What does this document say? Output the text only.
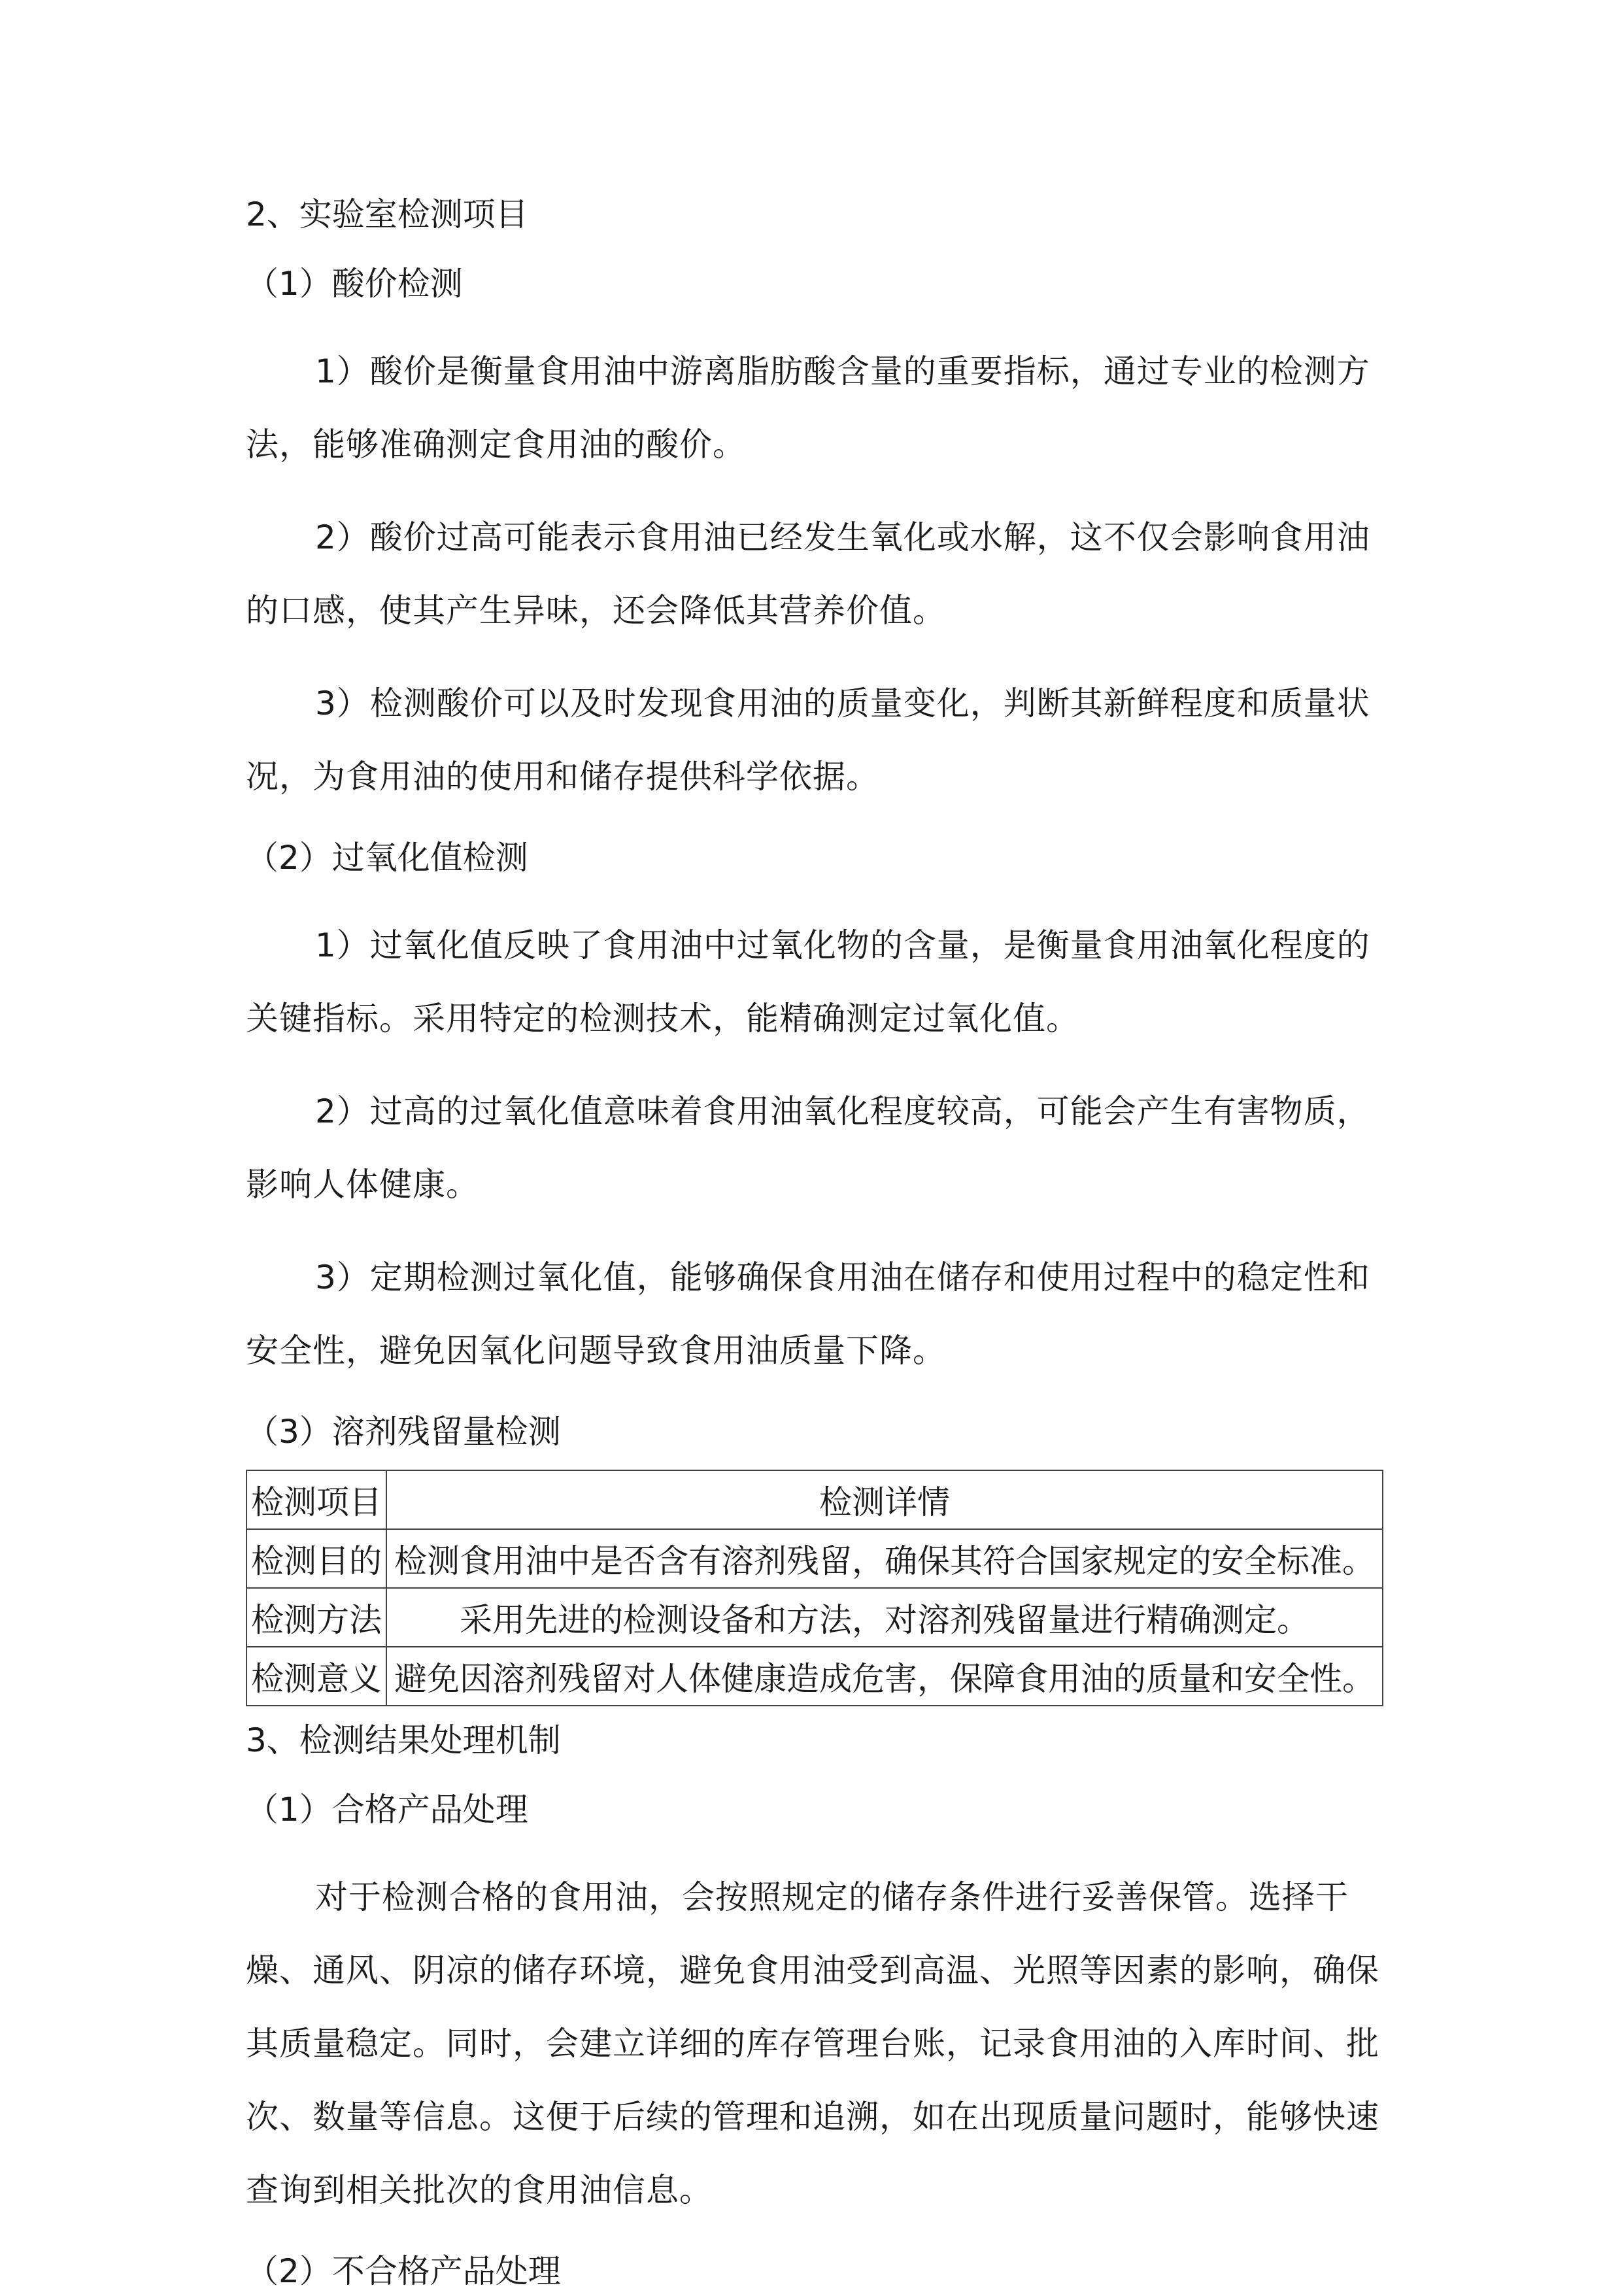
2、实验室检测项目
（1）酸价检测

1）酸价是衡量食用油中游离脂肪酸含量的重要指标，通过专业的检测方法，能够准确测定食用油的酸价。

2）酸价过高可能表示食用油已经发生氧化或水解，这不仅会影响食用油的口感，使其产生异味，还会降低其营养价值。

3）检测酸价可以及时发现食用油的质量变化，判断其新鲜程度和质量状况，为食用油的使用和储存提供科学依据。

（2）过氧化值检测

1）过氧化值反映了食用油中过氧化物的含量，是衡量食用油氧化程度的关键指标。采用特定的检测技术，能精确测定过氧化值。

2）过高的过氧化值意味着食用油氧化程度较高，可能会产生有害物质，影响人体健康。

3）定期检测过氧化值，能够确保食用油在储存和使用过程中的稳定性和安全性，避免因氧化问题导致食用油质量下降。

（3）溶剂残留量检测
检测项目	检测详情
检测目的	检测食用油中是否含有溶剂残留，确保其符合国家规定的安全标准。
检测方法	采用先进的检测设备和方法，对溶剂残留量进行精确测定。
检测意义	避免因溶剂残留对人体健康造成危害，保障食用油的质量和安全性。
3、检测结果处理机制
（1）合格产品处理

对于检测合格的食用油，会按照规定的储存条件进行妥善保管。选择干燥、通风、阴凉的储存环境，避免食用油受到高温、光照等因素的影响，确保其质量稳定。同时，会建立详细的库存管理台账，记录食用油的入库时间、批次、数量等信息。这便于后续的管理和追溯，如在出现质量问题时，能够快速查询到相关批次的食用油信息。

（2）不合格产品处理
